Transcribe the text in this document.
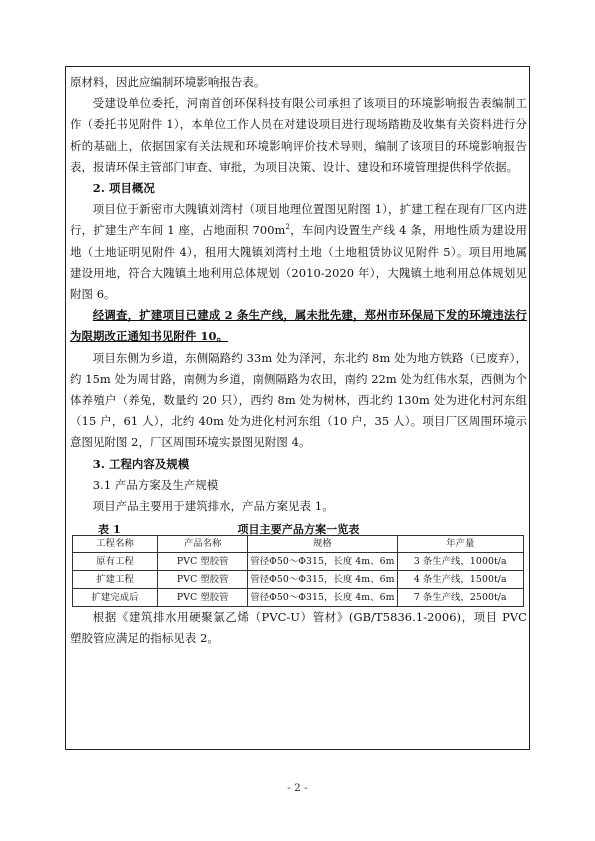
原材料，因此应编制环境影响报告表。

受建设单位委托，河南首创环保科技有限公司承担了该项目的环境影响报告表编制工作（委托书见附件 1），本单位工作人员在对建设项目进行现场踏勘及收集有关资料进行分析的基础上，依据国家有关法规和环境影响评价技术导则，编制了该项目的环境影响报告表，报请环保主管部门审查、审批，为项目决策、设计、建设和环境管理提供科学依据。

2. 项目概况

项目位于新密市大隗镇刘湾村（项目地理位置图见附图 1），扩建工程在现有厂区内进行，扩建生产车间 1 座，占地面积 $700m^2$，车间内设置生产线 4 条，用地性质为建设用地（土地证明见附件 4），租用大隗镇刘湾村土地（土地租赁协议见附件 5）。项目用地属建设用地，符合大隗镇土地利用总体规划（2010-2020 年），大隗镇土地利用总体规划见附图 6。

经调查，扩建项目已建成 2 条生产线，属未批先建，郑州市环保局下发的环境违法行为限期改正通知书见附件 10。

项目东侧为乡道，东侧隔路约 33m 处为泽河，东北约 8m 处为地方铁路（已废弃），约 15m 处为周甘路，南侧为乡道，南侧隔路为农田，南约 22m 处为红伟水泵，西侧为个体养殖户（养兔，数量约 20 只），西约 8m 处为树林，西北约 130m 处为进化村河东组（15 户，61 人），北约 40m 处为进化村河东组（10 户，35 人）。项目厂区周围环境示意图见附图 2，厂区周围环境实景图见附图 4。

3. 工程内容及规模

3.1 产品方案及生产规模

项目产品主要用于建筑排水，产品方案见表 1。

表 1	项目主要产品方案一览表
工程名称	产品名称	规格	年产量
原有工程	PVC 塑胶管	管径Φ50～Φ315，长度 4m、6m	3 条生产线，1000t/a
扩建工程	PVC 塑胶管	管径Φ50～Φ315，长度 4m、6m	4 条生产线，1500t/a
扩建完成后	PVC 塑胶管	管径Φ50～Φ315，长度 4m、6m	7 条生产线，2500t/a

根据《建筑排水用硬聚氯乙烯（PVC-U）管材》(GB/T5836.1-2006)，项目 PVC 塑胶管应满足的指标见表 2。

- 2 -
